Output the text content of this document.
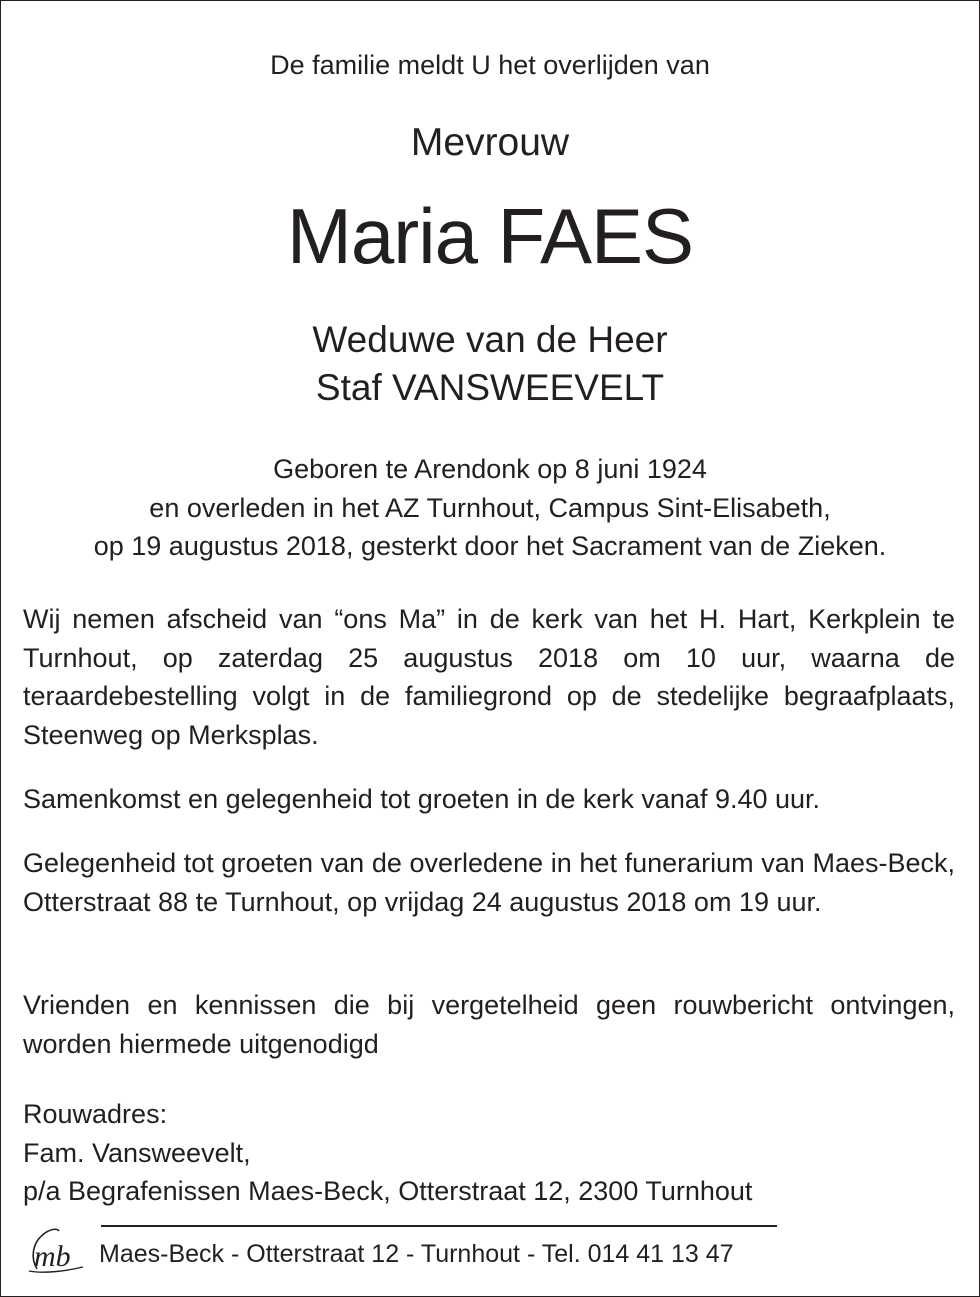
De familie meldt U het overlijden van

Mevrouw

Maria FAES

Weduwe van de Heer

Staf VANSWEEVELT

Geboren te Arendonk op 8 juni 1924
en overleden in het AZ Turnhout, Campus Sint-Elisabeth,
op 19 augustus 2018, gesterkt door het Sacrament van de Zieken.

Wij nemen afscheid van “ons Ma” in de kerk van het H. Hart, Kerkplein te Turnhout, op zaterdag 25 augustus 2018 om 10 uur, waarna de teraardebestelling volgt in de familiegrond op de stedelijke begraafplaats, Steenweg op Merksplas.

Samenkomst en gelegenheid tot groeten in de kerk vanaf 9.40 uur.

Gelegenheid tot groeten van de overledene in het funerarium van Maes-Beck, Otterstraat 88 te Turnhout, op vrijdag 24 augustus 2018 om 19 uur.

Vrienden en kennissen die bij vergetelheid geen rouwbericht ontvingen, worden hiermede uitgenodigd

Rouwadres:
Fam. Vansweevelt,
p/a Begrafenissen Maes-Beck, Otterstraat 12, 2300 Turnhout
mb Maes-Beck - Otterstraat 12 - Turnhout - Tel. 014 41 13 47
